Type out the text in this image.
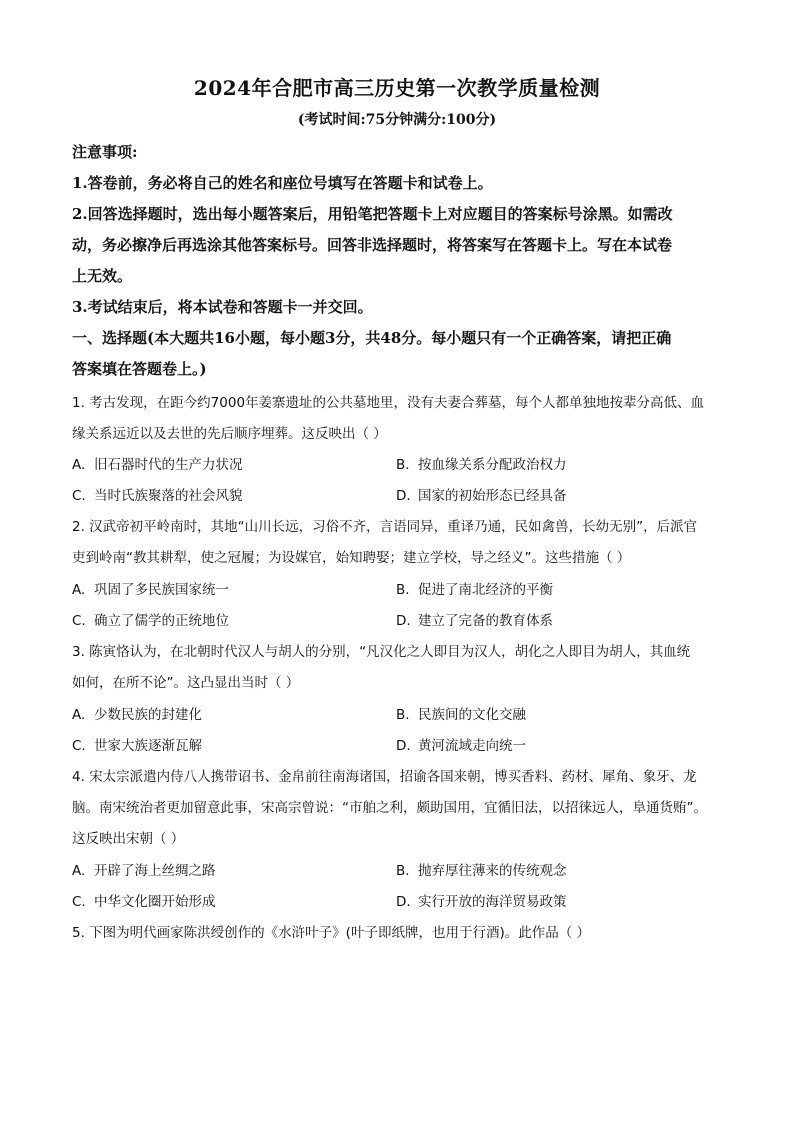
2024年合肥市高三历史第一次教学质量检测
(考试时间:75分钟满分:100分)
注意事项:
1.答卷前，务必将自己的姓名和座位号填写在答题卡和试卷上。
2.回答选择题时，选出每小题答案后，用铅笔把答题卡上对应题目的答案标号涂黑。如需改
动，务必擦净后再选涂其他答案标号。回答非选择题时，将答案写在答题卡上。写在本试卷
上无效。
3.考试结束后，将本试卷和答题卡一并交回。
一、选择题(本大题共16小题，每小题3分，共48分。每小题只有一个正确答案，请把正确
答案填在答题卷上。)
1. 考古发现，在距今约7000年姜寨遗址的公共墓地里，没有夫妻合葬墓，每个人都单独地按辈分高低、血
缘关系远近以及去世的先后顺序埋葬。这反映出（ ）
A. 旧石器时代的生产力状况	B. 按血缘关系分配政治权力
C. 当时氏族聚落的社会风貌	D. 国家的初始形态已经具备
2. 汉武帝初平岭南时，其地“山川长远，习俗不齐，言语同异，重译乃通，民如禽兽，长幼无别”，后派官
吏到岭南“教其耕犁，使之冠履；为设媒官，始知聘娶；建立学校，导之经义”。这些措施（ ）
A. 巩固了多民族国家统一	B. 促进了南北经济的平衡
C. 确立了儒学的正统地位	D. 建立了完备的教育体系
3. 陈寅恪认为，在北朝时代汉人与胡人的分别，“凡汉化之人即目为汉人，胡化之人即目为胡人，其血统
如何，在所不论”。这凸显出当时（ ）
A. 少数民族的封建化	B. 民族间的文化交融
C. 世家大族逐渐瓦解	D. 黄河流域走向统一
4. 宋太宗派遣内侍八人携带诏书、金帛前往南海诸国，招谕各国来朝，博买香料、药材、犀角、象牙、龙
脑。南宋统治者更加留意此事，宋高宗曾说：“市舶之利，颇助国用，宜循旧法，以招徕远人，阜通货贿”。
这反映出宋朝（ ）
A. 开辟了海上丝绸之路	B. 抛弃厚往薄来的传统观念
C. 中华文化圈开始形成	D. 实行开放的海洋贸易政策
5. 下图为明代画家陈洪绶创作的《水浒叶子》(叶子即纸牌，也用于行酒)。此作品（ ）
